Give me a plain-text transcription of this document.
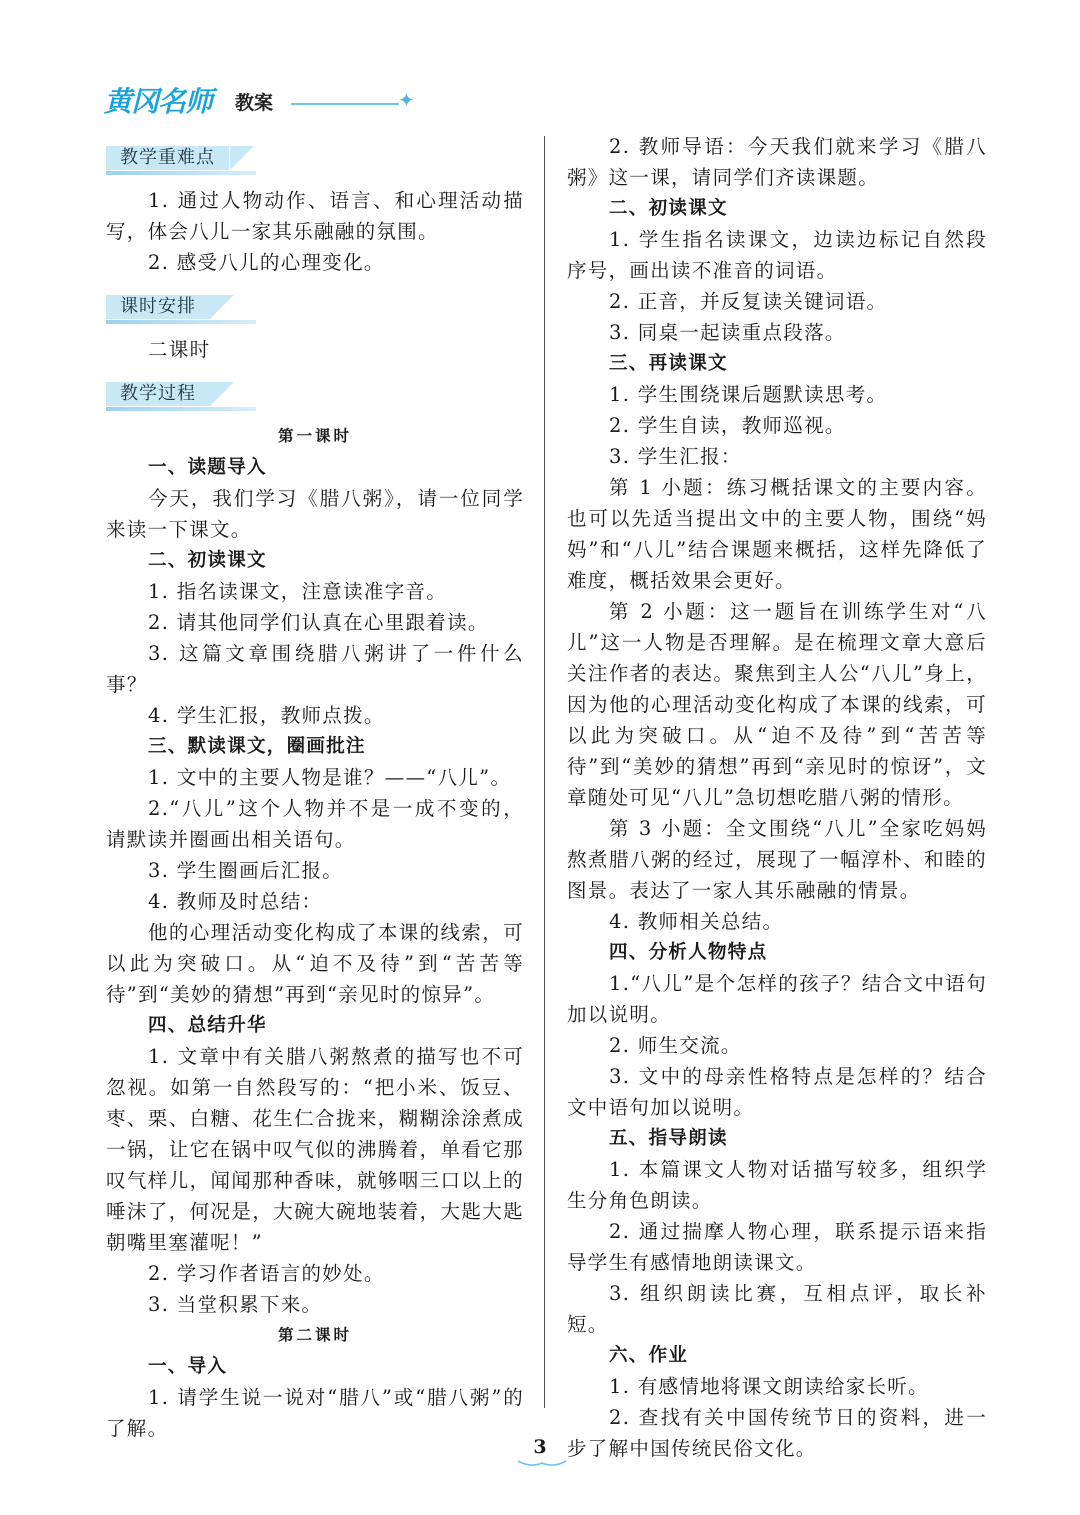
黄冈名师 教案	✦
教学重难点

1. 通过人物动作、语言、和心理活动描写，体会八儿一家其乐融融的氛围。

2. 感受八儿的心理变化。

课时安排

二课时

教学过程

第一课时

一、读题导入

今天，我们学习《腊八粥》，请一位同学来读一下课文。

二、初读课文

1. 指名读课文，注意读准字音。

2. 请其他同学们认真在心里跟着读。

3. 这篇文章围绕腊八粥讲了一件什么事？

4. 学生汇报，教师点拨。

三、默读课文，圈画批注

1. 文中的主要人物是谁？——“八儿”。

2.“八儿”这个人物并不是一成不变的，请默读并圈画出相关语句。

3. 学生圈画后汇报。

4. 教师及时总结：

他的心理活动变化构成了本课的线索，可以此为突破口。从“迫不及待”到“苦苦等待”到“美妙的猜想”再到“亲见时的惊异”。

四、总结升华

1. 文章中有关腊八粥熬煮的描写也不可忽视。如第一自然段写的：“把小米、饭豆、枣、栗、白糖、花生仁合拢来，糊糊涂涂煮成一锅，让它在锅中叹气似的沸腾着，单看它那叹气样儿，闻闻那种香味，就够咽三口以上的唾沫了，何况是，大碗大碗地装着，大匙大匙朝嘴里塞灌呢！”

2. 学习作者语言的妙处。

3. 当堂积累下来。

第二课时

一、导入

1. 请学生说一说对“腊八”或“腊八粥”的了解。

2. 教师导语：今天我们就来学习《腊八粥》这一课，请同学们齐读课题。

二、初读课文

1. 学生指名读课文，边读边标记自然段序号，画出读不准音的词语。

2. 正音，并反复读关键词语。

3. 同桌一起读重点段落。

三、再读课文

1. 学生围绕课后题默读思考。

2. 学生自读，教师巡视。

3. 学生汇报：

第 1 小题：练习概括课文的主要内容。也可以先适当提出文中的主要人物，围绕“妈妈”和“八儿”结合课题来概括，这样先降低了难度，概括效果会更好。

第 2 小题：这一题旨在训练学生对“八儿”这一人物是否理解。是在梳理文章大意后关注作者的表达。聚焦到主人公“八儿”身上，因为他的心理活动变化构成了本课的线索，可以此为突破口。从“迫不及待”到“苦苦等待”到“美妙的猜想”再到“亲见时的惊讶”，文章随处可见“八儿”急切想吃腊八粥的情形。

第 3 小题：全文围绕“八儿”全家吃妈妈熬煮腊八粥的经过，展现了一幅淳朴、和睦的图景。表达了一家人其乐融融的情景。

4. 教师相关总结。

四、分析人物特点

1.“八儿”是个怎样的孩子？结合文中语句加以说明。

2. 师生交流。

3. 文中的母亲性格特点是怎样的？结合文中语句加以说明。

五、指导朗读

1. 本篇课文人物对话描写较多，组织学生分角色朗读。

2. 通过揣摩人物心理，联系提示语来指导学生有感情地朗读课文。

3. 组织朗读比赛，互相点评，取长补短。

六、作业

1. 有感情地将课文朗读给家长听。

2. 查找有关中国传统节日的资料，进一步了解中国传统民俗文化。

3
